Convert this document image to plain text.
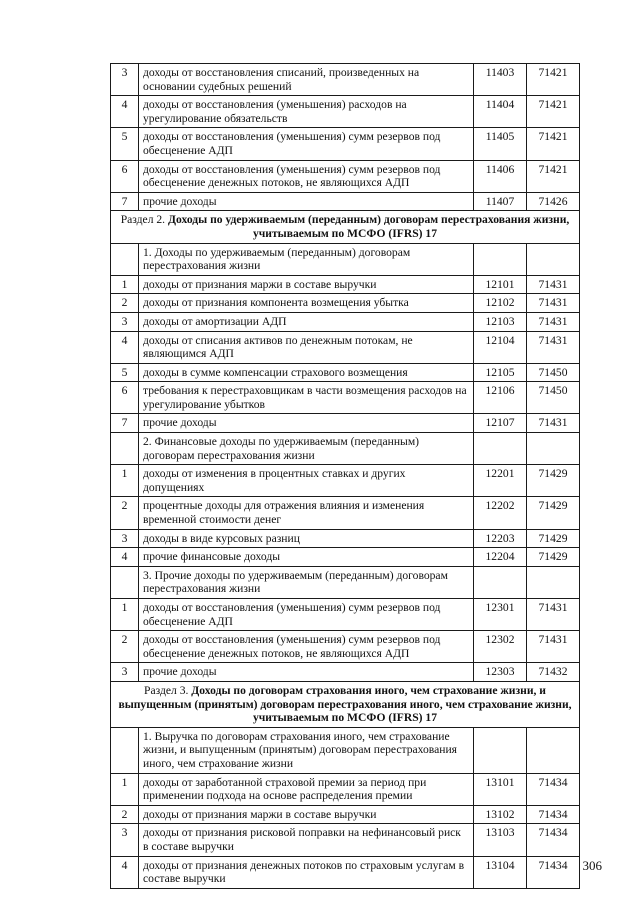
3	доходы от восстановления списаний, произведенных на основании судебных решений	11403	71421
4	доходы от восстановления (уменьшения) расходов на урегулирование обязательств	11404	71421
5	доходы от восстановления (уменьшения) сумм резервов под обесценение АДП	11405	71421
6	доходы от восстановления (уменьшения) сумм резервов под обесценение денежных потоков, не являющихся АДП	11406	71421
7	прочие доходы	11407	71426
Раздел 2. Доходы по удерживаемым (переданным) договорам перестрахования жизни, учитываемым по МСФО (IFRS) 17			
	1. Доходы по удерживаемым (переданным) договорам перестрахования жизни		
1	доходы от признания маржи в составе выручки	12101	71431
2	доходы от признания компонента возмещения убытка	12102	71431
3	доходы от амортизации АДП	12103	71431
4	доходы от списания активов по денежным потокам, не являющимся АДП	12104	71431
5	доходы в сумме компенсации страхового возмещения	12105	71450
6	требования к перестраховщикам в части возмещения расходов на урегулирование убытков	12106	71450
7	прочие доходы	12107	71431
	2. Финансовые доходы по удерживаемым (переданным) договорам перестрахования жизни		
1	доходы от изменения в процентных ставках и других допущениях	12201	71429
2	процентные доходы для отражения влияния и изменения временной стоимости денег	12202	71429
3	доходы в виде курсовых разниц	12203	71429
4	прочие финансовые доходы	12204	71429
	3. Прочие доходы по удерживаемым (переданным) договорам перестрахования жизни		
1	доходы от восстановления (уменьшения) сумм резервов под обесценение АДП	12301	71431
2	доходы от восстановления (уменьшения) сумм резервов под обесценение денежных потоков, не являющихся АДП	12302	71431
3	прочие доходы	12303	71432
Раздел 3. Доходы по договорам страхования иного, чем страхование жизни, и выпущенным (принятым) договорам перестрахования иного, чем страхование жизни, учитываемым по МСФО (IFRS) 17			
	1. Выручка по договорам страхования иного, чем страхование жизни, и выпущенным (принятым) договорам перестрахования иного, чем страхование жизни		
1	доходы от заработанной страховой премии за период при применении подхода на основе распределения премии	13101	71434
2	доходы от признания маржи в составе выручки	13102	71434
3	доходы от признания рисковой поправки на нефинансовый риск в составе выручки	13103	71434
4	доходы от признания денежных потоков по страховым услугам в составе выручки	13104	71434 306
